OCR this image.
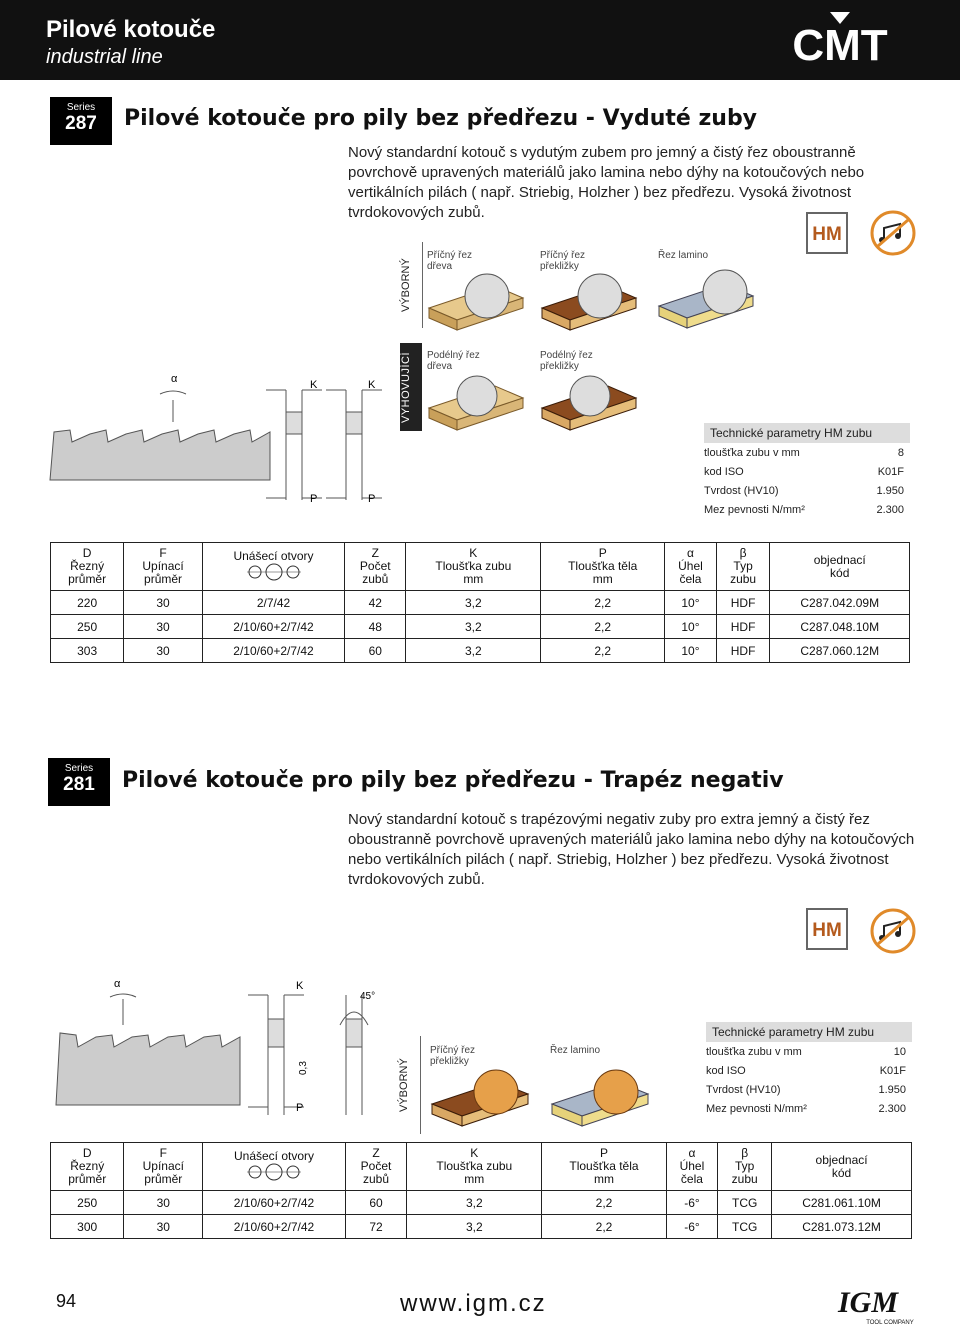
Pilové kotouče
industrial line	CMT
Series
287	Pilové kotouče pro pily bez předřezu - Vyduté zuby
Nový standardní kotouč s vydutým zubem pro jemný a čistý řez oboustranně povrchově upravených materiálů jako lamina nebo dýhy na kotoučových nebo vertikálních pilách ( např. Striebig, Holzher ) bez předřezu. Vysoká životnost tvrdokovových zubů.
HM
VÝBORNÝ
Příčný řez dřeva
Příčný řez překližky
Řez lamino
VYHOVUJÍCÍ	Podélný řez dřeva
Podélný řez překližky
α	K	K
P	P
Technické parametry HM zubu
tloušťka zubu v mm	8
kod ISO	K01F
Tvrdost (HV10)	1.950
Mez pevnosti N/mm²	2.300
D
Řezný
průměr	F
Upínací
průměr	Unášecí otvory	Z
Počet
zubů	K
Tloušťka zubu
mm	P
Tloušťka těla
mm	α
Úhel
čela	β
Typ
zubu	objednací
kód
220	30	2/7/42	42	3,2	2,2	10°	HDF	C287.042.09M
250	30	2/10/60+2/7/42	48	3,2	2,2	10°	HDF	C287.048.10M
303	30	2/10/60+2/7/42	60	3,2	2,2	10°	HDF	C287.060.12M
Series
281	Pilové kotouče pro pily bez předřezu - Trapéz negativ
Nový standardní kotouč s trapézovými negativ zuby pro extra jemný a čistý řez oboustranně povrchově upravených materiálů jako lamina nebo dýhy na kotoučových nebo vertikálních pilách ( např. Striebig, Holzher ) bez předřezu. Vysoká životnost tvrdokovových zubů.
HM
α	K
45°
0,3
P	VÝBORNÝ
Příčný řez překližky
Řez lamino
Technické parametry HM zubu
tloušťka zubu v mm	10
kod ISO	K01F
Tvrdost (HV10)	1.950
Mez pevnosti N/mm²	2.300
D
Řezný
průměr	F
Upínací
průměr	Unášecí otvory	Z
Počet
zubů	K
Tloušťka zubu
mm	P
Tloušťka těla
mm	α
Úhel
čela	β
Typ
zubu	objednací
kód
250	30	2/10/60+2/7/42	60	3,2	2,2	-6°	TCG	C281.061.10M
300	30	2/10/60+2/7/42	72	3,2	2,2	-6°	TCG	C281.073.12M
94	www.igm.cz	IGM
TOOL COMPANY
